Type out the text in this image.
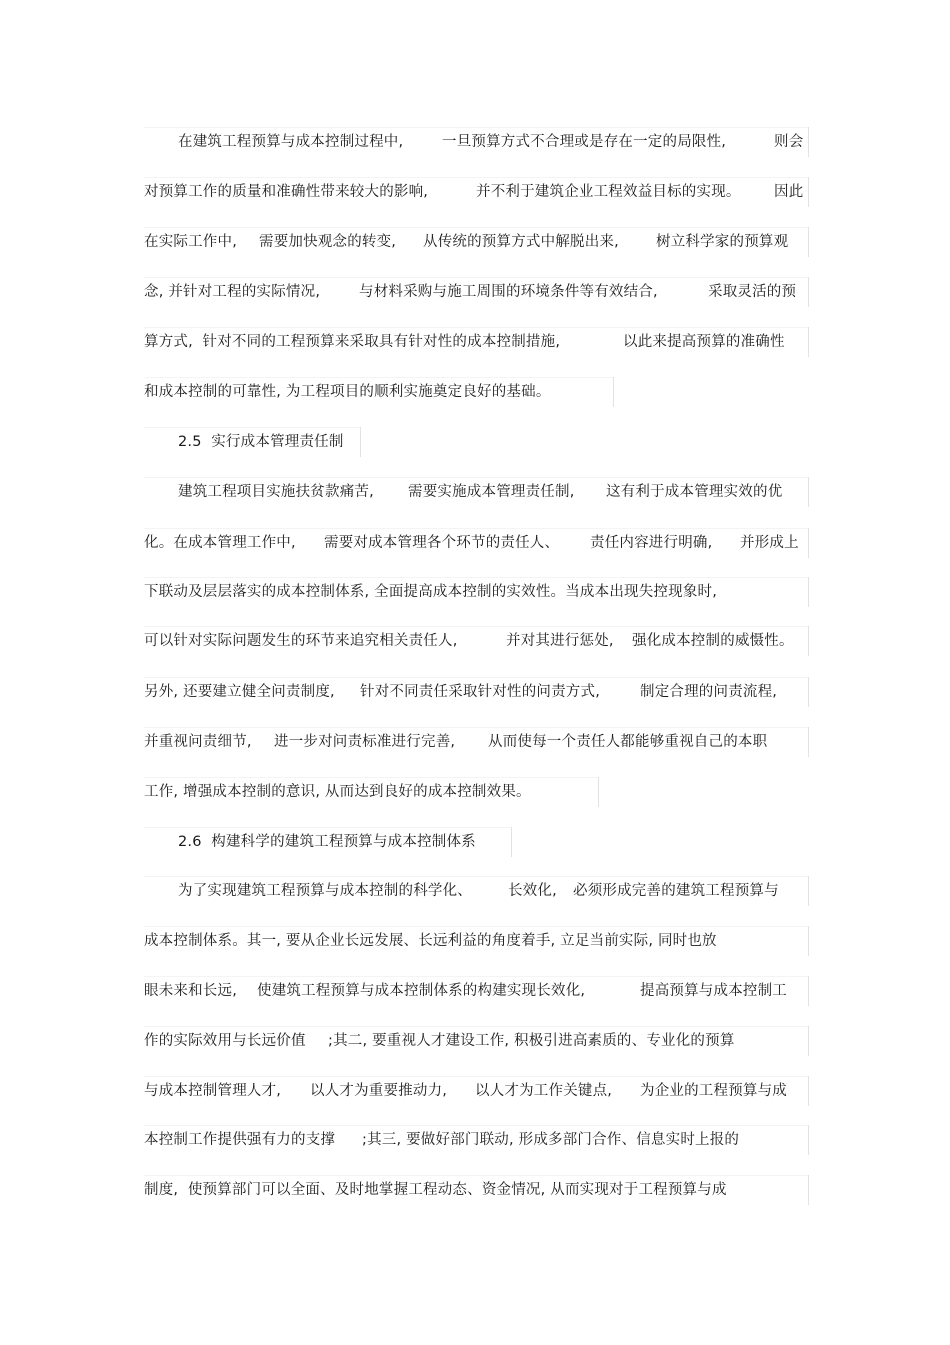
在建筑工程预算与成本控制过程中,

	一旦预算方式不合理或是存在一定的局限性,

	则会

对预算工作的质量和准确性带来较大的影响,

	并不利于建筑企业工程效益目标的实现。

因此

在实际工作中,

需要加快观念的转变,

从传统的预算方式中解脱出来,

	树立科学家的预算观

念, 并针对工程的实际情况,

	与材料采购与施工周围的环境条件等有效结合,

	采取灵活的预

算方式,  针对不同的工程预算来采取具有针对性的成本控制措施,

	以此来提高预算的准确性

和成本控制的可靠性, 为工程项目的顺利实施奠定良好的基础。

2.5  实行成本管理责任制

建筑工程项目实施扶贫款痛苦,

需要实施成本管理责任制,

这有利于成本管理实效的优

化。在成本管理工作中,

需要对成本管理各个环节的责任人、

责任内容进行明确,

并形成上

下联动及层层落实的成本控制体系, 全面提高成本控制的实效性。当成本出现失控现象时,

可以针对实际问题发生的环节来追究相关责任人,

	并对其进行惩处,

强化成本控制的威慑性。

另外, 还要建立健全问责制度,

针对不同责任采取针对性的问责方式,

	制定合理的问责流程,

并重视问责细节,

进一步对问责标准进行完善,

从而使每一个责任人都能够重视自己的本职

工作, 增强成本控制的意识, 从而达到良好的成本控制效果。

2.6  构建科学的建筑工程预算与成本控制体系

为了实现建筑工程预算与成本控制的科学化、

长效化,

必须形成完善的建筑工程预算与

成本控制体系。其一, 要从企业长远发展、长远利益的角度着手, 立足当前实际, 同时也放

眼未来和长远,

使建筑工程预算与成本控制体系的构建实现长效化,

	提高预算与成本控制工

作的实际效用与长远价值

;其二, 要重视人才建设工作, 积极引进高素质的、专业化的预算

与成本控制管理人才,

以人才为重要推动力,

以人才为工作关键点,

为企业的工程预算与成

本控制工作提供强有力的支撑

;其三, 要做好部门联动, 形成多部门合作、信息实时上报的

制度,  使预算部门可以全面、及时地掌握工程动态、资金情况, 从而实现对于工程预算与成
